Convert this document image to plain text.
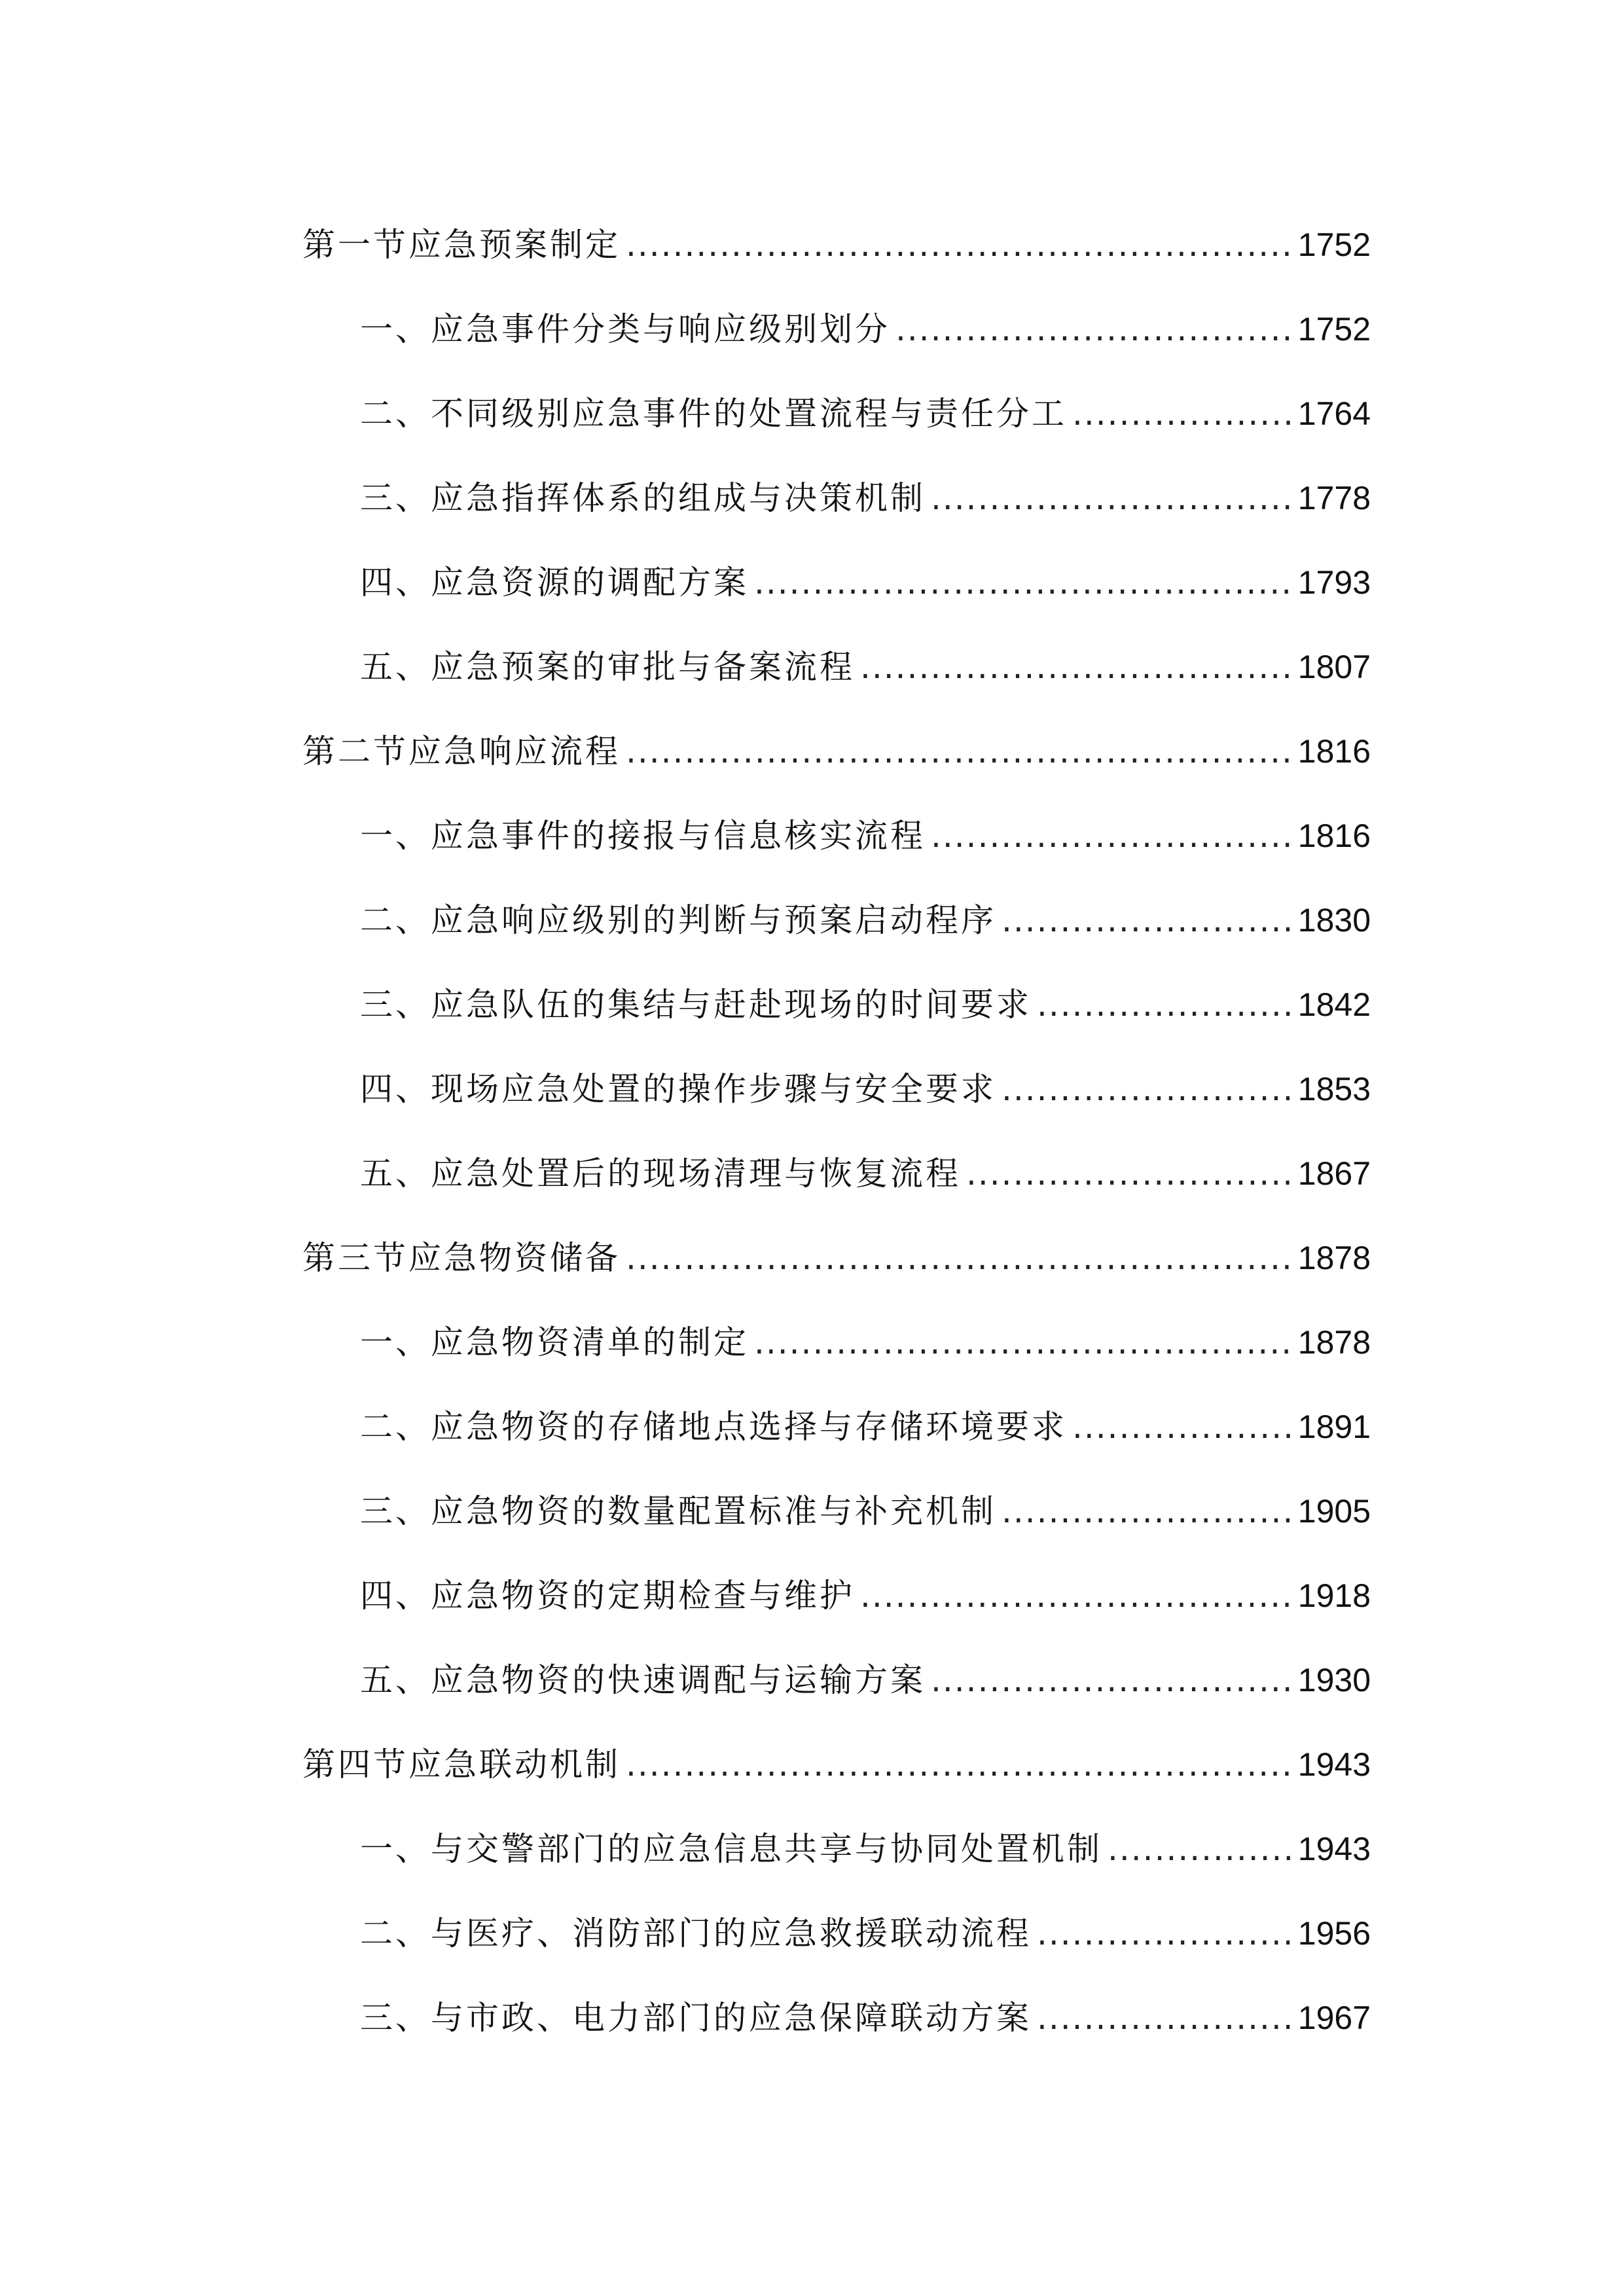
第一节应急预案制定 .....	1752
一、应急事件分类与响应级别划分 .....	1752
二、不同级别应急事件的处置流程与责任分工 .....	1764
三、应急指挥体系的组成与决策机制 .....	1778
四、应急资源的调配方案 .....	1793
五、应急预案的审批与备案流程 .....	1807
第二节应急响应流程 .....	1816
一、应急事件的接报与信息核实流程 .....	1816
二、应急响应级别的判断与预案启动程序 .....	1830
三、应急队伍的集结与赶赴现场的时间要求 .....	1842
四、现场应急处置的操作步骤与安全要求 .....	1853
五、应急处置后的现场清理与恢复流程 .....	1867
第三节应急物资储备 .....	1878
一、应急物资清单的制定 .....	1878
二、应急物资的存储地点选择与存储环境要求 .....	1891
三、应急物资的数量配置标准与补充机制 .....	1905
四、应急物资的定期检查与维护 .....	1918
五、应急物资的快速调配与运输方案 .....	1930
第四节应急联动机制 .....	1943
一、与交警部门的应急信息共享与协同处置机制 .....	1943
二、与医疗、消防部门的应急救援联动流程 .....	1956
三、与市政、电力部门的应急保障联动方案 .....	1967
